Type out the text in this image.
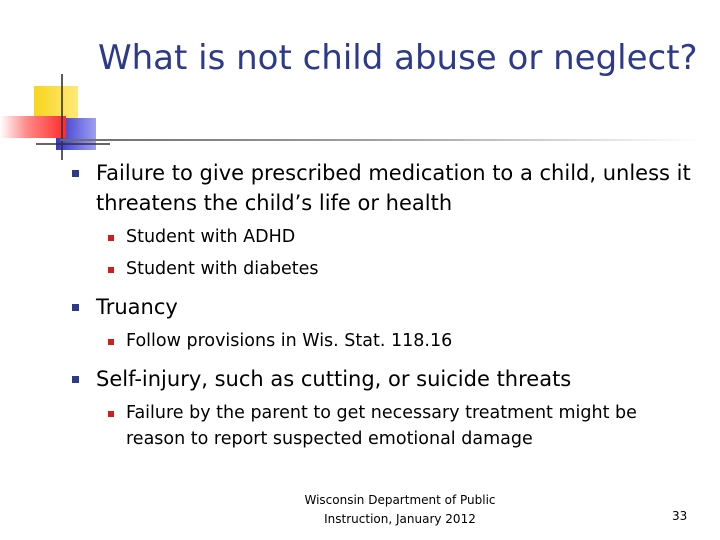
What is not child abuse or neglect?
Failure to give prescribed medication to a child, unless it threatens the child’s life or health
Student with ADHD
Student with diabetes
Truancy
Follow provisions in Wis. Stat. 118.16
Self-injury, such as cutting, or suicide threats
Failure by the parent to get necessary treatment might be reason to report suspected emotional damage
Wisconsin Department of Public
Instruction, January 2012	33
